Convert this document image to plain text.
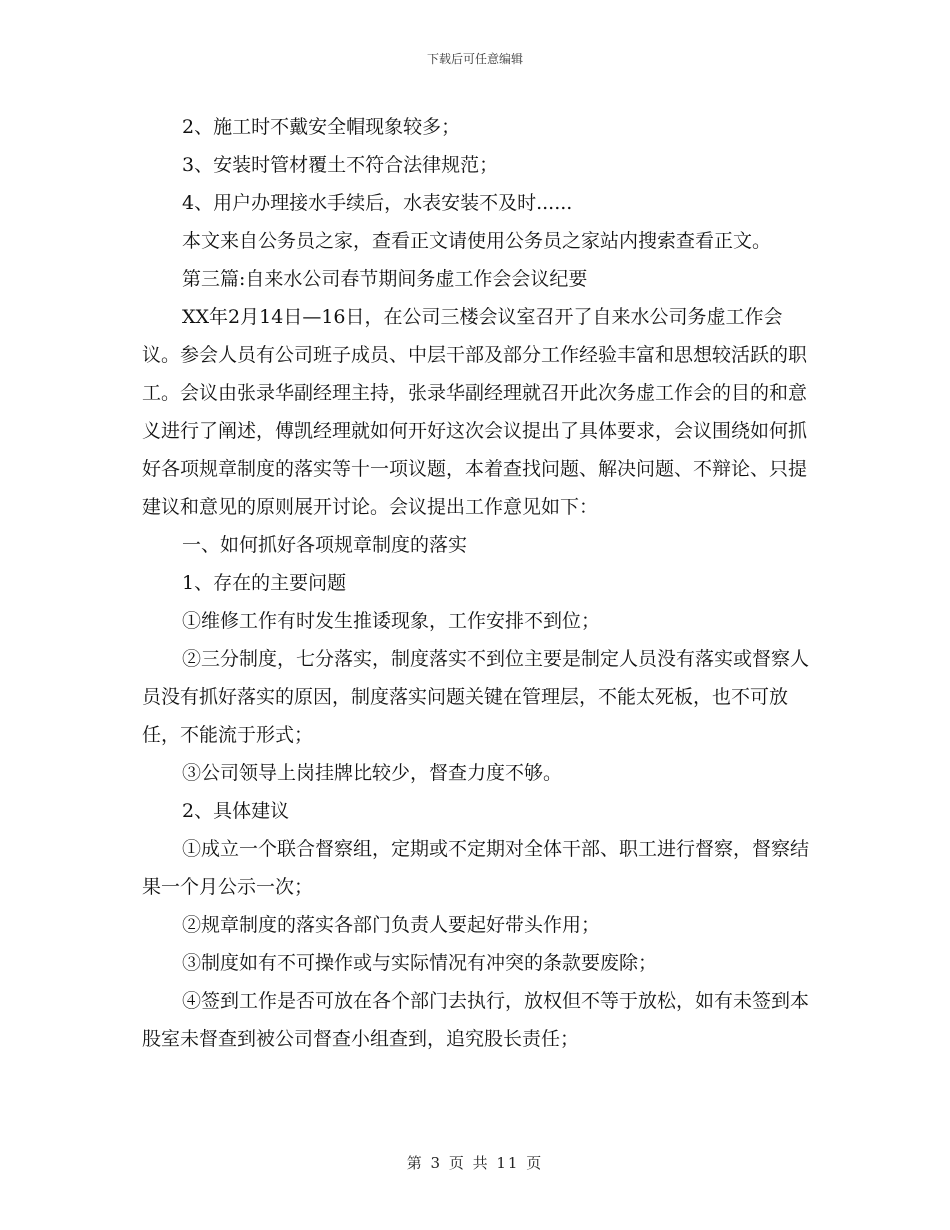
下载后可任意编辑

2、施工时不戴安全帽现象较多；

3、安装时管材覆土不符合法律规范；

4、用户办理接水手续后，水表安装不及时......

本文来自公务员之家，查看正文请使用公务员之家站内搜索查看正文。

第三篇:自来水公司春节期间务虚工作会会议纪要

XX年2月14日—16日，在公司三楼会议室召开了自来水公司务虚工作会议。参会人员有公司班子成员、中层干部及部分工作经验丰富和思想较活跃的职工。会议由张录华副经理主持，张录华副经理就召开此次务虚工作会的目的和意义进行了阐述，傅凯经理就如何开好这次会议提出了具体要求，会议围绕如何抓好各项规章制度的落实等十一项议题，本着查找问题、解决问题、不辩论、只提建议和意见的原则展开讨论。会议提出工作意见如下：

一、如何抓好各项规章制度的落实

1、存在的主要问题

①维修工作有时发生推诿现象，工作安排不到位；

②三分制度，七分落实，制度落实不到位主要是制定人员没有落实或督察人员没有抓好落实的原因，制度落实问题关键在管理层，不能太死板，也不可放任，不能流于形式；

③公司领导上岗挂牌比较少，督查力度不够。

2、具体建议

①成立一个联合督察组，定期或不定期对全体干部、职工进行督察，督察结果一个月公示一次；

②规章制度的落实各部门负责人要起好带头作用；

③制度如有不可操作或与实际情况有冲突的条款要废除；

④签到工作是否可放在各个部门去执行，放权但不等于放松，如有未签到本股室未督查到被公司督查小组查到，追究股长责任；

第 3 页 共 11 页
